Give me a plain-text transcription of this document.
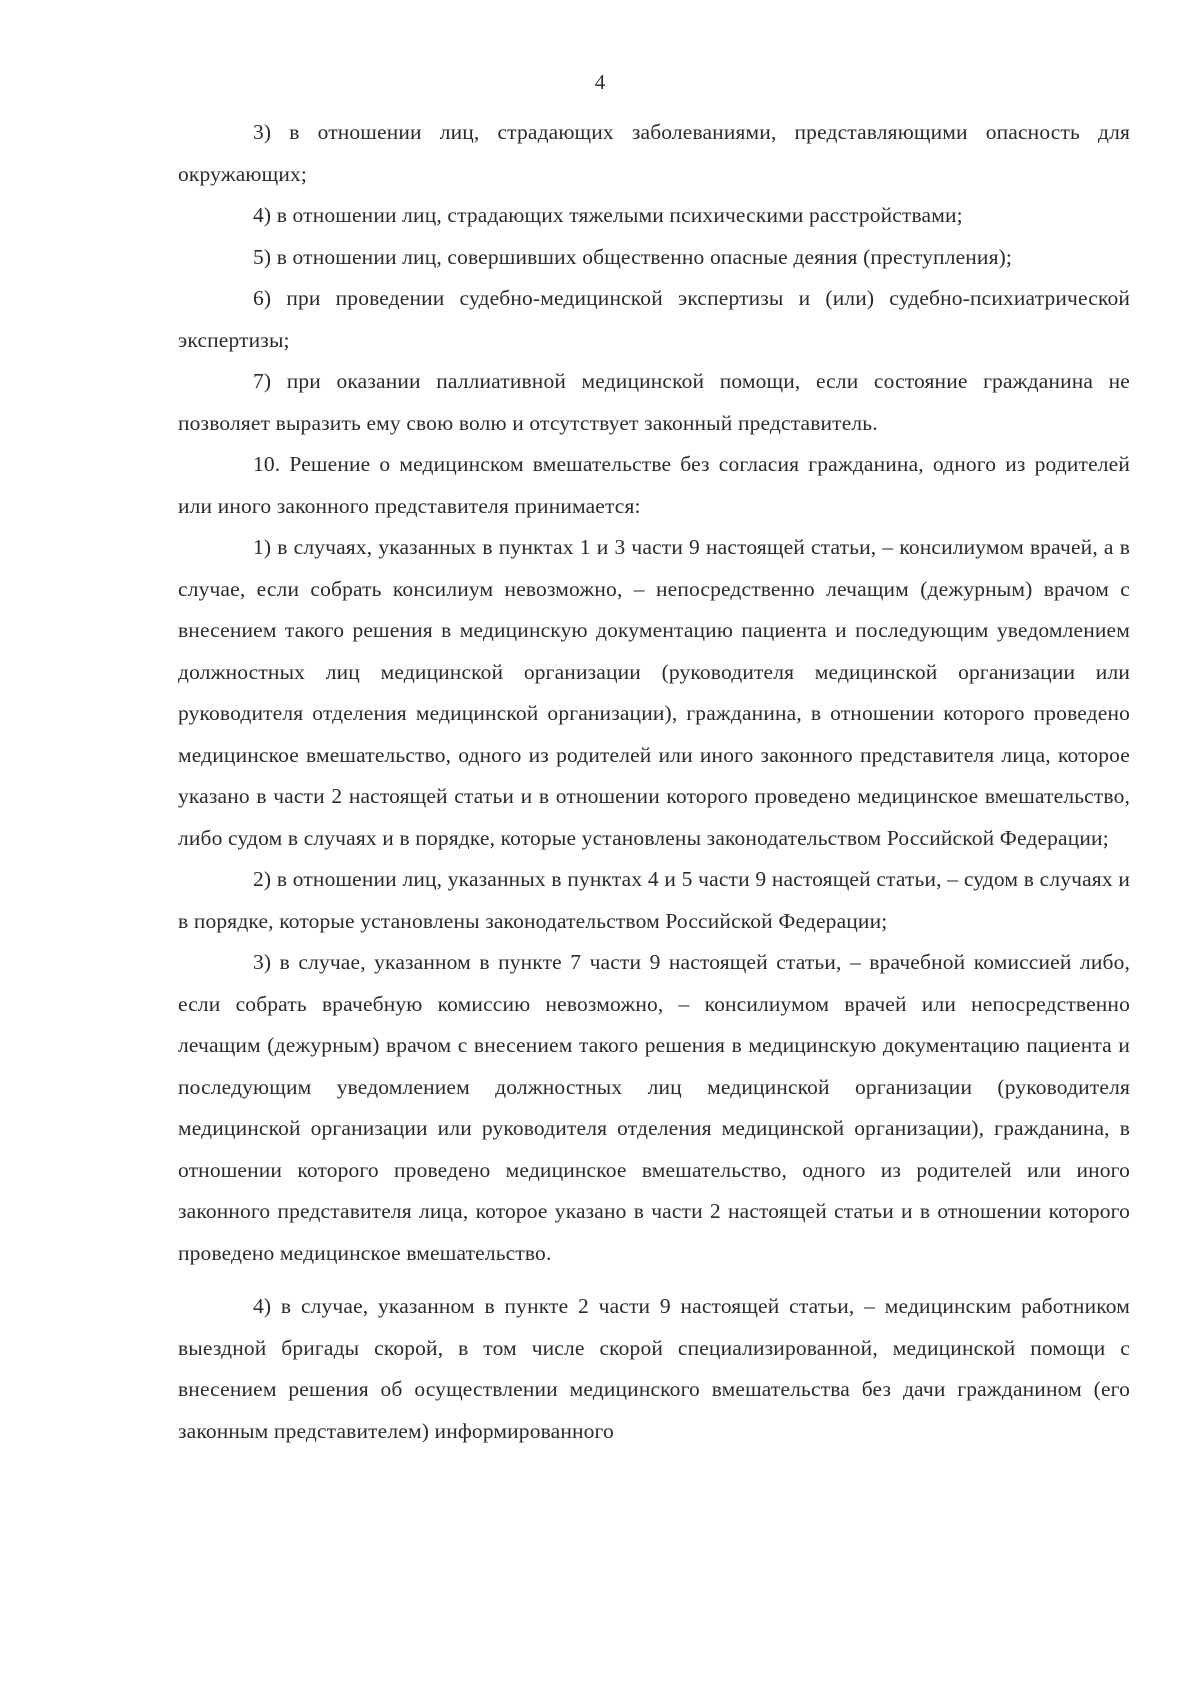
4

3) в отношении лиц, страдающих заболеваниями, представляющими опасность для окружающих;

4) в отношении лиц, страдающих тяжелыми психическими расстройствами;

5) в отношении лиц, совершивших общественно опасные деяния (преступления);

6) при проведении судебно-медицинской экспертизы и (или) судебно-психиатрической экспертизы;

7) при оказании паллиативной медицинской помощи, если состояние гражданина не позволяет выразить ему свою волю и отсутствует законный представитель.

10. Решение о медицинском вмешательстве без согласия гражданина, одного из родителей или иного законного представителя принимается:

1) в случаях, указанных в пунктах 1 и 3 части 9 настоящей статьи, – консилиумом врачей, а в случае, если собрать консилиум невозможно, – непосредственно лечащим (дежурным) врачом с внесением такого решения в медицинскую документацию пациента и последующим уведомлением должностных лиц медицинской организации (руководителя медицинской организации или руководителя отделения медицинской организации), гражданина, в отношении которого проведено медицинское вмешательство, одного из родителей или иного законного представителя лица, которое указано в части 2 настоящей статьи и в отношении которого проведено медицинское вмешательство, либо судом в случаях и в порядке, которые установлены законодательством Российской Федерации;

2) в отношении лиц, указанных в пунктах 4 и 5 части 9 настоящей статьи, – судом в случаях и в порядке, которые установлены законодательством Российской Федерации;

3) в случае, указанном в пункте 7 части 9 настоящей статьи, – врачебной комиссией либо, если собрать врачебную комиссию невозможно, – консилиумом врачей или непосредственно лечащим (дежурным) врачом с внесением такого решения в медицинскую документацию пациента и последующим уведомлением должностных лиц медицинской организации (руководителя медицинской организации или руководителя отделения медицинской организации), гражданина, в отношении которого проведено медицинское вмешательство, одного из родителей или иного законного представителя лица, которое указано в части 2 настоящей статьи и в отношении которого проведено медицинское вмешательство.

4) в случае, указанном в пункте 2 части 9 настоящей статьи, – медицинским работником выездной бригады скорой, в том числе скорой специализированной, медицинской помощи с внесением решения об осуществлении медицинского вмешательства без дачи гражданином (его законным представителем) информированного
